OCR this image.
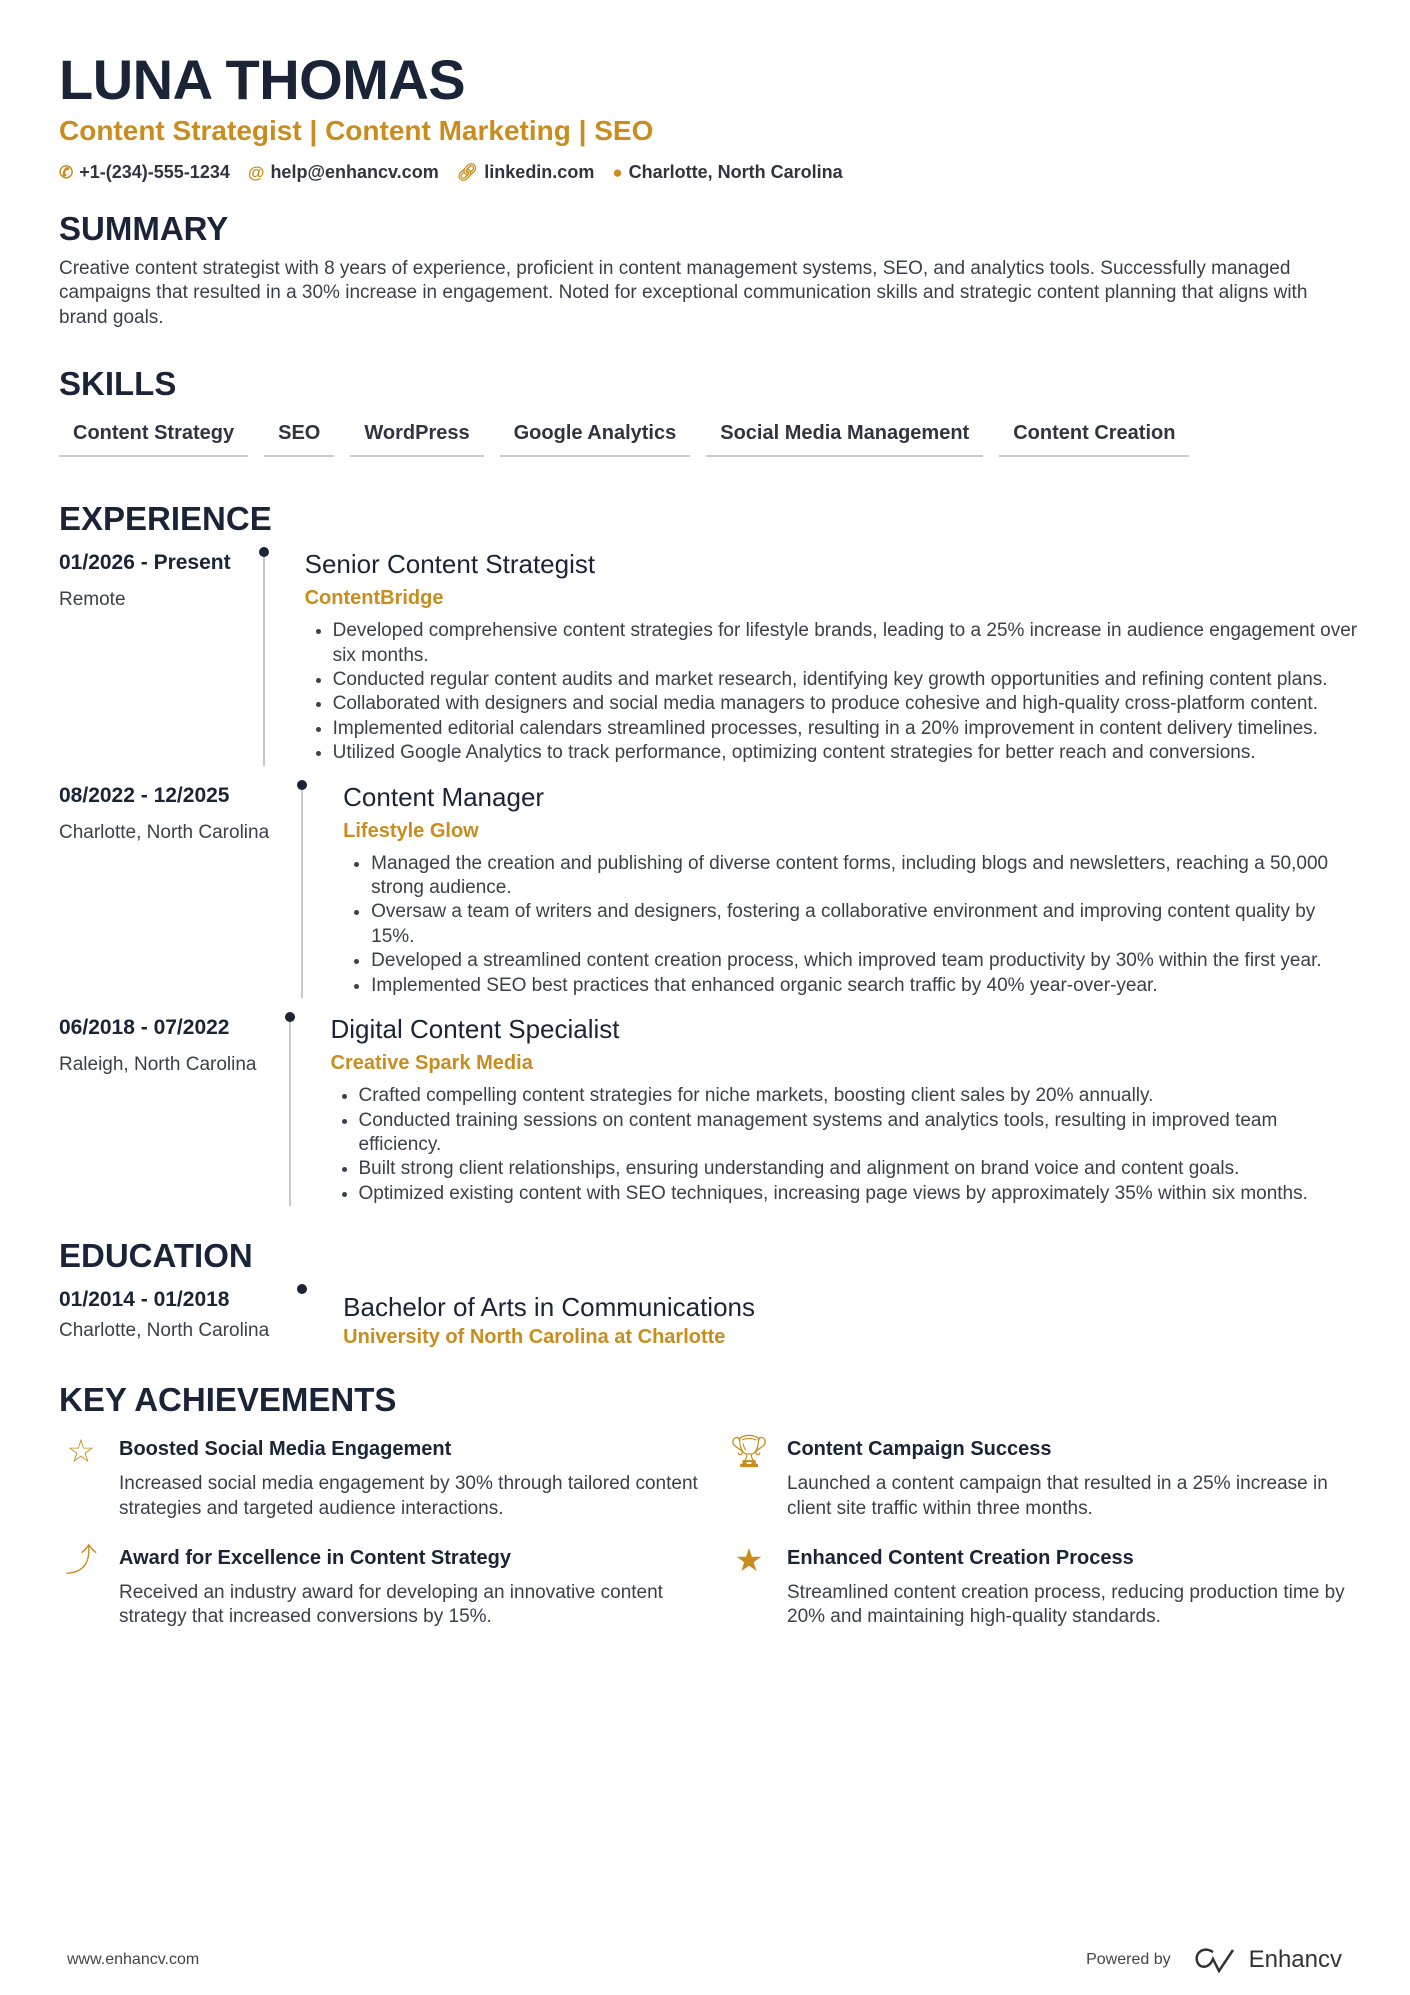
LUNA THOMAS
Content Strategist | Content Marketing | SEO
✆ +1-(234)-555-1234 @ help@enhancv.com 🔗︎ linkedin.com ● Charlotte, North Carolina
SUMMARY

Creative content strategist with 8 years of experience, proficient in content management systems, SEO, and analytics tools. Successfully managed campaigns that resulted in a 30% increase in engagement. Noted for exceptional communication skills and strategic content planning that aligns with brand goals.

SKILLS
Content Strategy	SEO	WordPress	Google Analytics	Social Media Management	Content Creation
EXPERIENCE
01/2026 - Present
Remote
Senior Content Strategist
ContentBridge
• Developed comprehensive content strategies for lifestyle brands, leading to a 25% increase in audience engagement over six months.
• Conducted regular content audits and market research, identifying key growth opportunities and refining content plans.
• Collaborated with designers and social media managers to produce cohesive and high-quality cross-platform content.
• Implemented editorial calendars streamlined processes, resulting in a 20% improvement in content delivery timelines.
• Utilized Google Analytics to track performance, optimizing content strategies for better reach and conversions.
08/2022 - 12/2025
Charlotte, North Carolina
Content Manager
Lifestyle Glow
• Managed the creation and publishing of diverse content forms, including blogs and newsletters, reaching a 50,000 strong audience.
• Oversaw a team of writers and designers, fostering a collaborative environment and improving content quality by 15%.
• Developed a streamlined content creation process, which improved team productivity by 30% within the first year.
• Implemented SEO best practices that enhanced organic search traffic by 40% year-over-year.
06/2018 - 07/2022
Raleigh, North Carolina
Digital Content Specialist
Creative Spark Media
• Crafted compelling content strategies for niche markets, boosting client sales by 20% annually.
• Conducted training sessions on content management systems and analytics tools, resulting in improved team efficiency.
• Built strong client relationships, ensuring understanding and alignment on brand voice and content goals.
• Optimized existing content with SEO techniques, increasing page views by approximately 35% within six months.
EDUCATION
01/2014 - 01/2018
Charlotte, North Carolina
Bachelor of Arts in Communications
University of North Carolina at Charlotte
KEY ACHIEVEMENTS
☆	Boosted Social Media Engagement
Increased social media engagement by 30% through tailored content strategies and targeted audience interactions.
🏆︎ Content Campaign Success
Launched a content campaign that resulted in a 25% increase in client site traffic within three months.
⤴	Award for Excellence in Content Strategy
Received an industry award for developing an innovative content strategy that increased conversions by 15%.
★	Enhanced Content Creation Process
Streamlined content creation process, reducing production time by 20% and maintaining high-quality standards.
www.enhancv.com	Powered by	Enhancv
